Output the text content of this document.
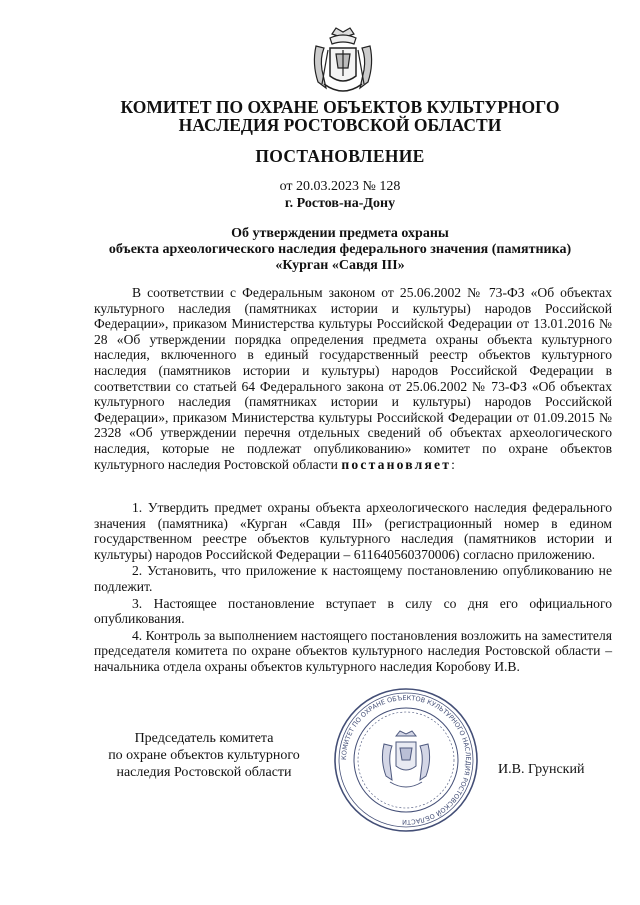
КОМИТЕТ ПО ОХРАНЕ ОБЪЕКТОВ КУЛЬТУРНОГО
НАСЛЕДИЯ РОСТОВСКОЙ ОБЛАСТИ
ПОСТАНОВЛЕНИЕ
от 20.03.2023 № 128
г. Ростов-на-Дону
Об утверждении предмета охраны
объекта археологического наследия федерального значения (памятника)
«Курган «Савдя III»
В соответствии с Федеральным законом от 25.06.2002 № 73-ФЗ «Об объектах культурного наследия (памятниках истории и культуры) народов Российской Федерации», приказом Министерства культуры Российской Федерации от 13.01.2016 № 28 «Об утверждении порядка определения предмета охраны объекта культурного наследия, включенного в единый государственный реестр объектов культурного наследия (памятников истории и культуры) народов Российской Федерации в соответствии со статьей 64 Федерального закона от 25.06.2002 № 73-ФЗ «Об объектах культурного наследия (памятниках истории и культуры) народов Российской Федерации», приказом Министерства культуры Российской Федерации от 01.09.2015 № 2328 «Об утверждении перечня отдельных сведений об объектах археологического наследия, которые не подлежат опубликованию» комитет по охране объектов культурного наследия Ростовской области постановляет:

1. Утвердить предмет охраны объекта археологического наследия федерального значения (памятника) «Курган «Савдя III» (регистрационный номер в едином государственном реестре объектов культурного наследия (памятников истории и культуры) народов Российской Федерации – 611640560370006) согласно приложению.

2. Установить, что приложение к настоящему постановлению опубликованию не подлежит.

3. Настоящее постановление вступает в силу со дня его официального опубликования.

4. Контроль за выполнением настоящего постановления возложить на заместителя председателя комитета по охране объектов культурного наследия Ростовской области – начальника отдела охраны объектов культурного наследия Коробову И.В.

Председатель комитета
по охране объектов культурного
наследия Ростовской области
КОМИТЕТ ПО ОХРАНЕ ОБЪЕКТОВ КУЛЬТУРНОГО НАСЛЕДИЯ РОСТОВСКОЙ ОБЛАСТИ
И.В. Грунский
